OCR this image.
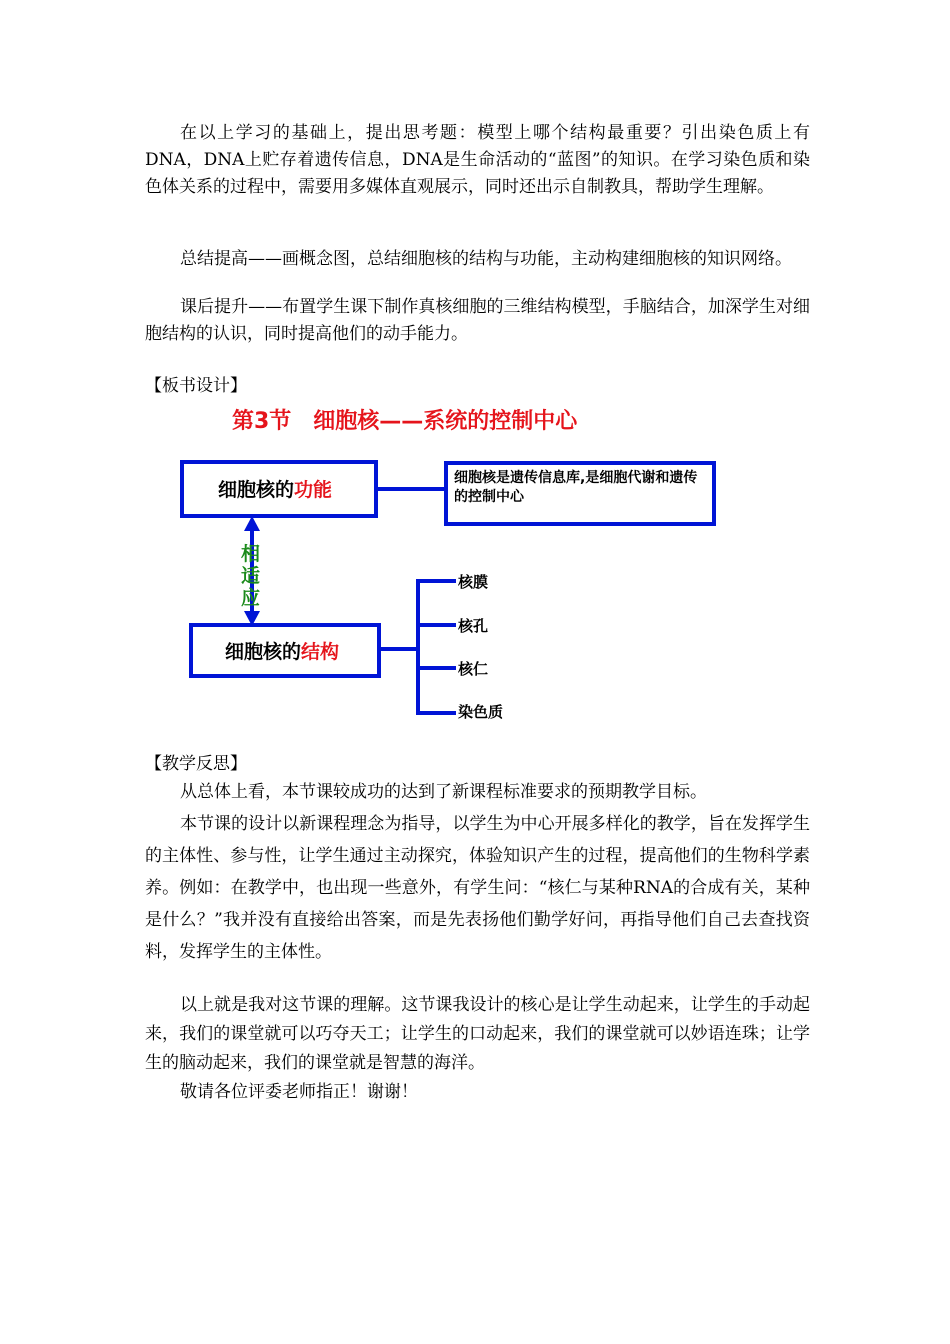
在以上学习的基础上，提出思考题：模型上哪个结构最重要？引出染色质上有DNA，DNA上贮存着遗传信息，DNA是生命活动的“蓝图”的知识。在学习染色质和染色体关系的过程中，需要用多媒体直观展示，同时还出示自制教具，帮助学生理解。

总结提高——画概念图，总结细胞核的结构与功能，主动构建细胞核的知识网络。

课后提升——布置学生课下制作真核细胞的三维结构模型，手脑结合，加深学生对细胞结构的认识，同时提高他们的动手能力。

【板书设计】

第3节　细胞核——系统的控制中心
细胞核的功能
细胞核是遗传信息库,是细胞代谢和遗传的控制中心
相适应
细胞核的结构
核膜
核孔
核仁
染色质

【教学反思】

从总体上看，本节课较成功的达到了新课程标准要求的预期教学目标。

本节课的设计以新课程理念为指导，以学生为中心开展多样化的教学，旨在发挥学生的主体性、参与性，让学生通过主动探究，体验知识产生的过程，提高他们的生物科学素养。例如：在教学中，也出现一些意外，有学生问：“核仁与某种RNA的合成有关，某种是什么？”我并没有直接给出答案，而是先表扬他们勤学好问，再指导他们自己去查找资料，发挥学生的主体性。

以上就是我对这节课的理解。这节课我设计的核心是让学生动起来，让学生的手动起来，我们的课堂就可以巧夺天工；让学生的口动起来，我们的课堂就可以妙语连珠；让学生的脑动起来，我们的课堂就是智慧的海洋。

敬请各位评委老师指正！谢谢！
